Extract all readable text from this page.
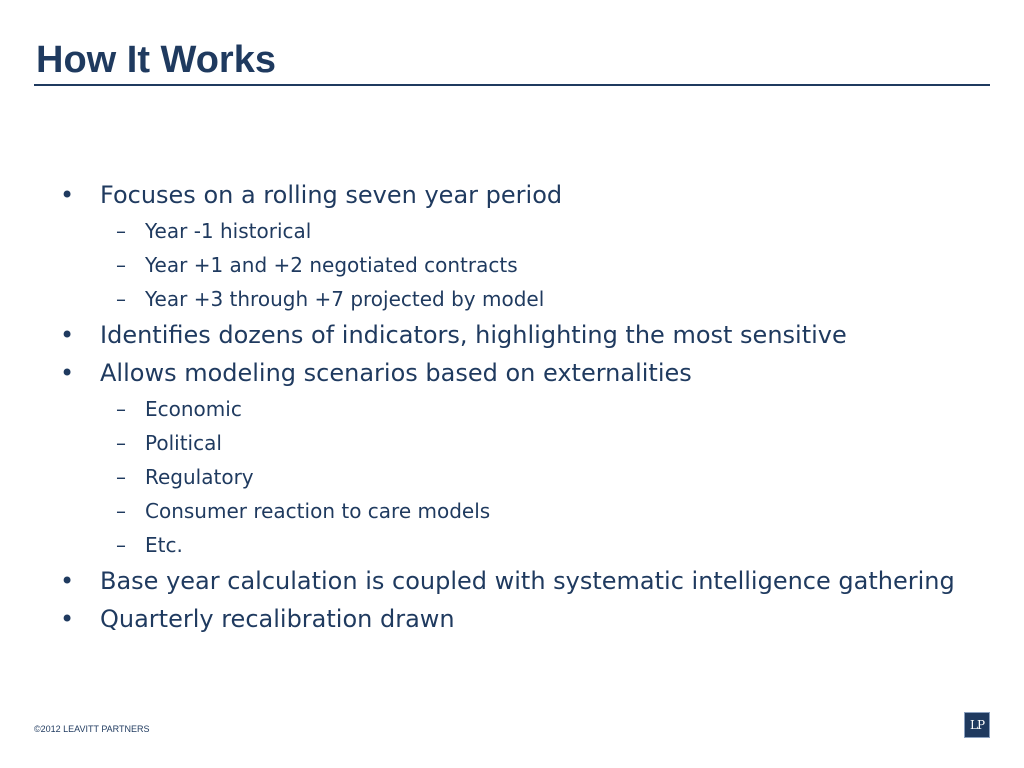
How It Works
• Focuses on a rolling seven year period
– Year -1 historical
– Year +1 and +2 negotiated contracts
– Year +3 through +7 projected by model
• Identifies dozens of indicators, highlighting the most sensitive
• Allows modeling scenarios based on externalities
– Economic
– Political
– Regulatory
– Consumer reaction to care models
– Etc.
• Base year calculation is coupled with systematic intelligence gathering
• Quarterly recalibration drawn
©2012 LEAVITT PARTNERS	LP
